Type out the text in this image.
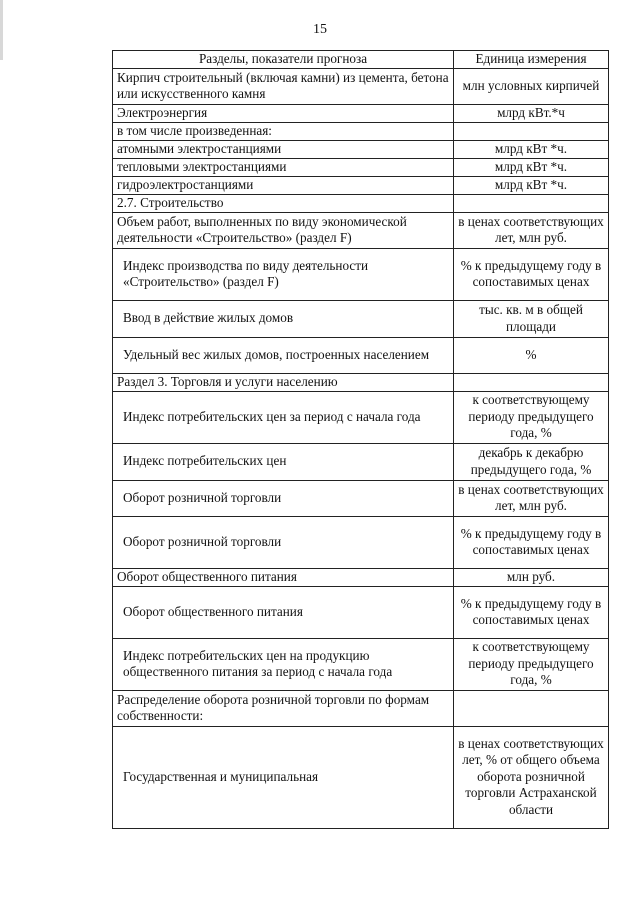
15
Разделы, показатели прогноза	Единица измерения
Кирпич строительный (включая камни) из цемента, бетона или искусственного камня	млн условных кирпичей
Электроэнергия	млрд кВт.*ч
в том числе произведенная:	
атомными электростанциями	млрд кВт *ч.
тепловыми электростанциями	млрд кВт *ч.
гидроэлектростанциями	млрд кВт *ч.
2.7. Строительство	
Объем работ, выполненных по виду экономической деятельности «Строительство» (раздел F)	в ценах соответствующих лет, млн руб.
Индекс производства по виду деятельности «Строительство» (раздел F)	% к предыдущему году в сопоставимых ценах
Ввод в действие жилых домов	тыс. кв. м в общей площади
Удельный вес жилых домов, построенных населением	%
Раздел 3. Торговля и услуги населению	
Индекс потребительских цен за период с начала года	к соответствующему периоду предыдущего года, %
Индекс потребительских цен	декабрь к декабрю предыдущего года, %
Оборот розничной торговли	в ценах соответствующих лет, млн руб.
Оборот розничной торговли	% к предыдущему году в сопоставимых ценах
Оборот общественного питания	млн руб.
Оборот общественного питания	% к предыдущему году в сопоставимых ценах
Индекс потребительских цен на продукцию общественного питания за период с начала года	к соответствующему периоду предыдущего года, %
Распределение оборота розничной торговли по формам собственности:	
Государственная и муниципальная	в ценах соответствующих лет, % от общего объема оборота розничной торговли Астраханской области
